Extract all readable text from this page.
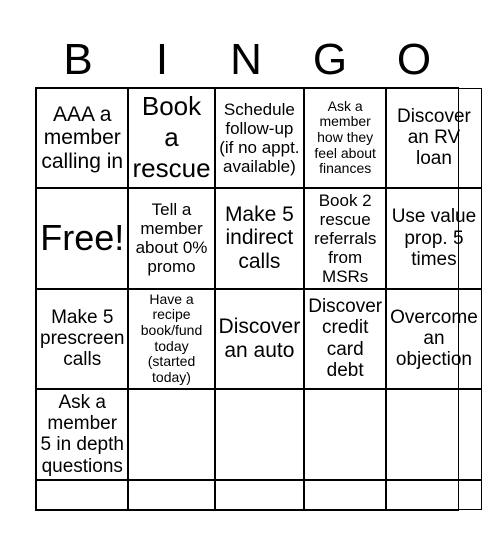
B	I	N	G	O
AAA a member calling in
Book a rescue
Schedule follow-up (if no appt. available)
Ask a member how they feel about finances
Discover an RV loan
Free!
Tell a member about 0% promo
Make 5 indirect calls
Book 2 rescue referrals from MSRs
Use value prop. 5 times
Make 5 prescreen calls
Have a recipe book/fund today (started today)
Discover an auto
Discover credit card debt
Overcome an objection
Ask a member 5 in depth questions
